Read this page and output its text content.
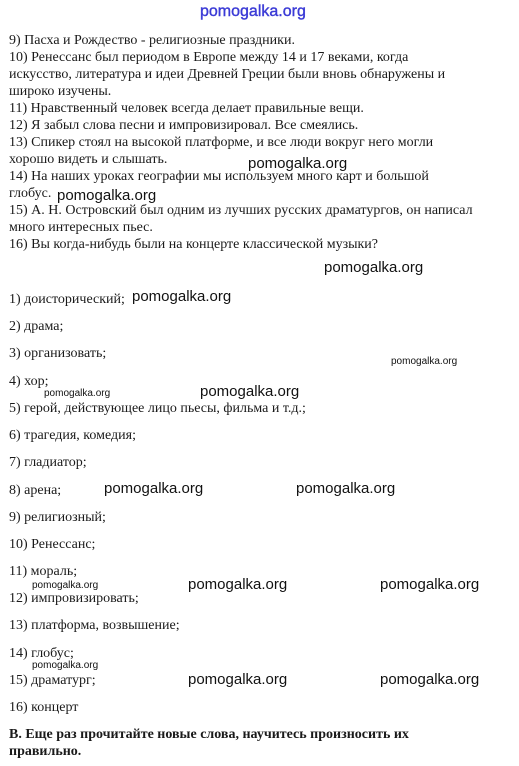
pomogalka.org

9) Пасха и Рождество - религиозные праздники.

10) Ренессанс был периодом в Европе между 14 и 17 веками, когда

искусство, литература и идеи Древней Греции были вновь обнаружены и

широко изучены.

11) Нравственный человек всегда делает правильные вещи.

12) Я забыл слова песни и импровизировал. Все смеялись.

13) Спикер стоял на высокой платформе, и все люди вокруг него могли

хорошо видеть и слышать.

14) На наших уроках географии мы используем много карт и большой

глобус.

15) А. Н. Островский был одним из лучших русских драматургов, он написал

много интересных пьес.

16) Вы когда-нибудь были на концерте классической музыки?

1) доисторический;

2) драма;

3) организовать;

4) хор;

5) герой, действующее лицо пьесы, фильма и т.д.;

6) трагедия, комедия;

7) гладиатор;

8) арена;

9) религиозный;

10) Ренессанс;

11) мораль;

12) импровизировать;

13) платформа, возвышение;

14) глобус;

15) драматург;

16) концерт

В. Еще раз прочитайте новые слова, научитесь произносить их

правильно.

pomogalka.org
pomogalka.org
pomogalka.org
pomogalka.org
pomogalka.org
pomogalka.org	pomogalka.org
pomogalka.org	pomogalka.org
pomogalka.org	pomogalka.org	pomogalka.org
pomogalka.org
pomogalka.org	pomogalka.org
